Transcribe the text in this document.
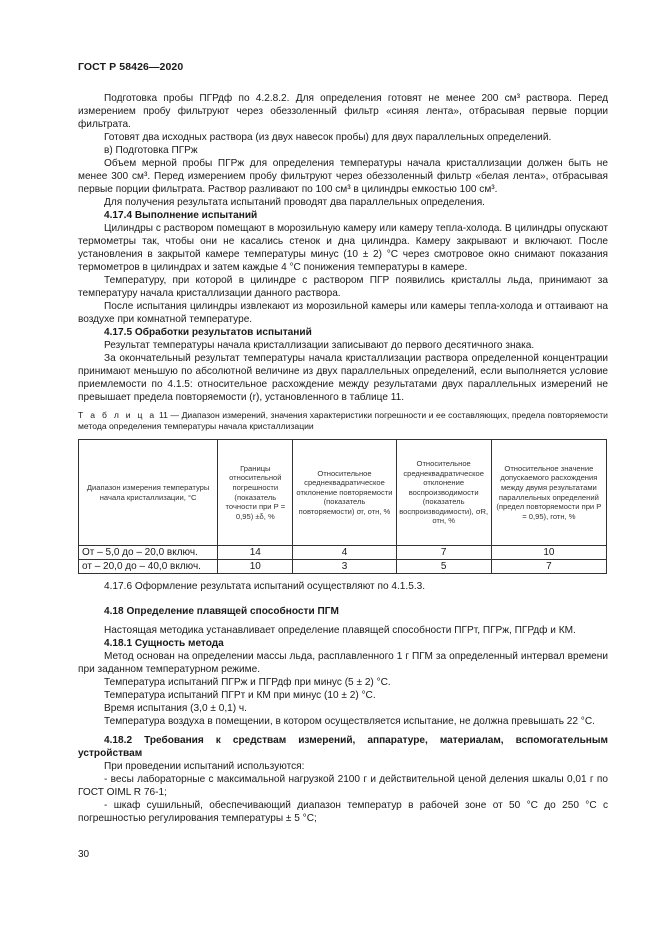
ГОСТ Р 58426—2020

Подготовка пробы ПГРдф по 4.2.8.2. Для определения готовят не менее 200 см³ раствора. Перед измерением пробу фильтруют через обеззоленный фильтр «синяя лента», отбрасывая первые порции фильтрата.

Готовят два исходных раствора (из двух навесок пробы) для двух параллельных определений.

в) Подготовка ПГРж

Объем мерной пробы ПГРж для определения температуры начала кристаллизации должен быть не менее 300 см³. Перед измерением пробу фильтруют через обеззоленный фильтр «белая лента», отбрасывая первые порции фильтрата. Раствор разливают по 100 см³ в цилиндры емкостью 100 см³.

Для получения результата испытаний проводят два параллельных определения.

4.17.4 Выполнение испытаний

Цилиндры с раствором помещают в морозильную камеру или камеру тепла-холода. В цилиндры опускают термометры так, чтобы они не касались стенок и дна цилиндра. Камеру закрывают и включают. После установления в закрытой камере температуры минус (10 ± 2) °С через смотровое окно снимают показания термометров в цилиндрах и затем каждые 4 °С понижения температуры в камере.

Температуру, при которой в цилиндре с раствором ПГР появились кристаллы льда, принимают за температуру начала кристаллизации данного раствора.

После испытания цилиндры извлекают из морозильной камеры или камеры тепла-холода и оттаивают на воздухе при комнатной температуре.

4.17.5 Обработки результатов испытаний

Результат температуры начала кристаллизации записывают до первого десятичного знака.

За окончательный результат температуры начала кристаллизации раствора определенной концентрации принимают меньшую по абсолютной величине из двух параллельных определений, если выполняется условие приемлемости по 4.1.5: относительное расхождение между результатами двух параллельных измерений не превышает предела повторяемости (r), установленного в таблице 11.

Т а б л и ц а 11 — Диапазон измерений, значения характеристики погрешности и ее составляющих, предела повторяемости метода определения температуры начала кристаллизации

Диапазон измерения температуры начала кристаллизации, °С	Границы относительной погрешности (показатель точности при P = 0,95) ±δ, %	Относительное среднеквадратическое отклонение повторяемости (показатель повторяемости) σr, отн, %	Относительное среднеквадратическое отклонение воспроизводимости (показатель воспроизводимости), σR, отн, %	Относительное значение допускаемого расхождения между двумя результатами параллельных определений (предел повторяемости при P = 0,95), rотн, %
От – 5,0 до – 20,0 включ.	14	4	7	10
от – 20,0 до – 40,0 включ.	10	3	5	7

4.17.6 Оформление результата испытаний осуществляют по 4.1.5.3.

4.18 Определение плавящей способности ПГМ

Настоящая методика устанавливает определение плавящей способности ПГРт, ПГРж, ПГРдф и КМ.

4.18.1 Сущность метода

Метод основан на определении массы льда, расплавленного 1 г ПГМ за определенный интервал времени при заданном температурном режиме.

Температура испытаний ПГРж и ПГРдф при минус (5 ± 2) °С.

Температура испытаний ПГРт и КМ при минус (10 ± 2) °С.

Время испытания (3,0 ± 0,1) ч.

Температура воздуха в помещении, в котором осуществляется испытание, не должна превышать 22 °С.

4.18.2 Требования к средствам измерений, аппаратуре, материалам, вспомогательным устройствам

При проведении испытаний используются:

- весы лабораторные с максимальной нагрузкой 2100 г и действительной ценой деления шкалы 0,01 г по ГОСТ OIML R 76-1;

- шкаф сушильный, обеспечивающий диапазон температур в рабочей зоне от 50 °С до 250 °С с погрешностью регулирования температуры ± 5 °С;

30
